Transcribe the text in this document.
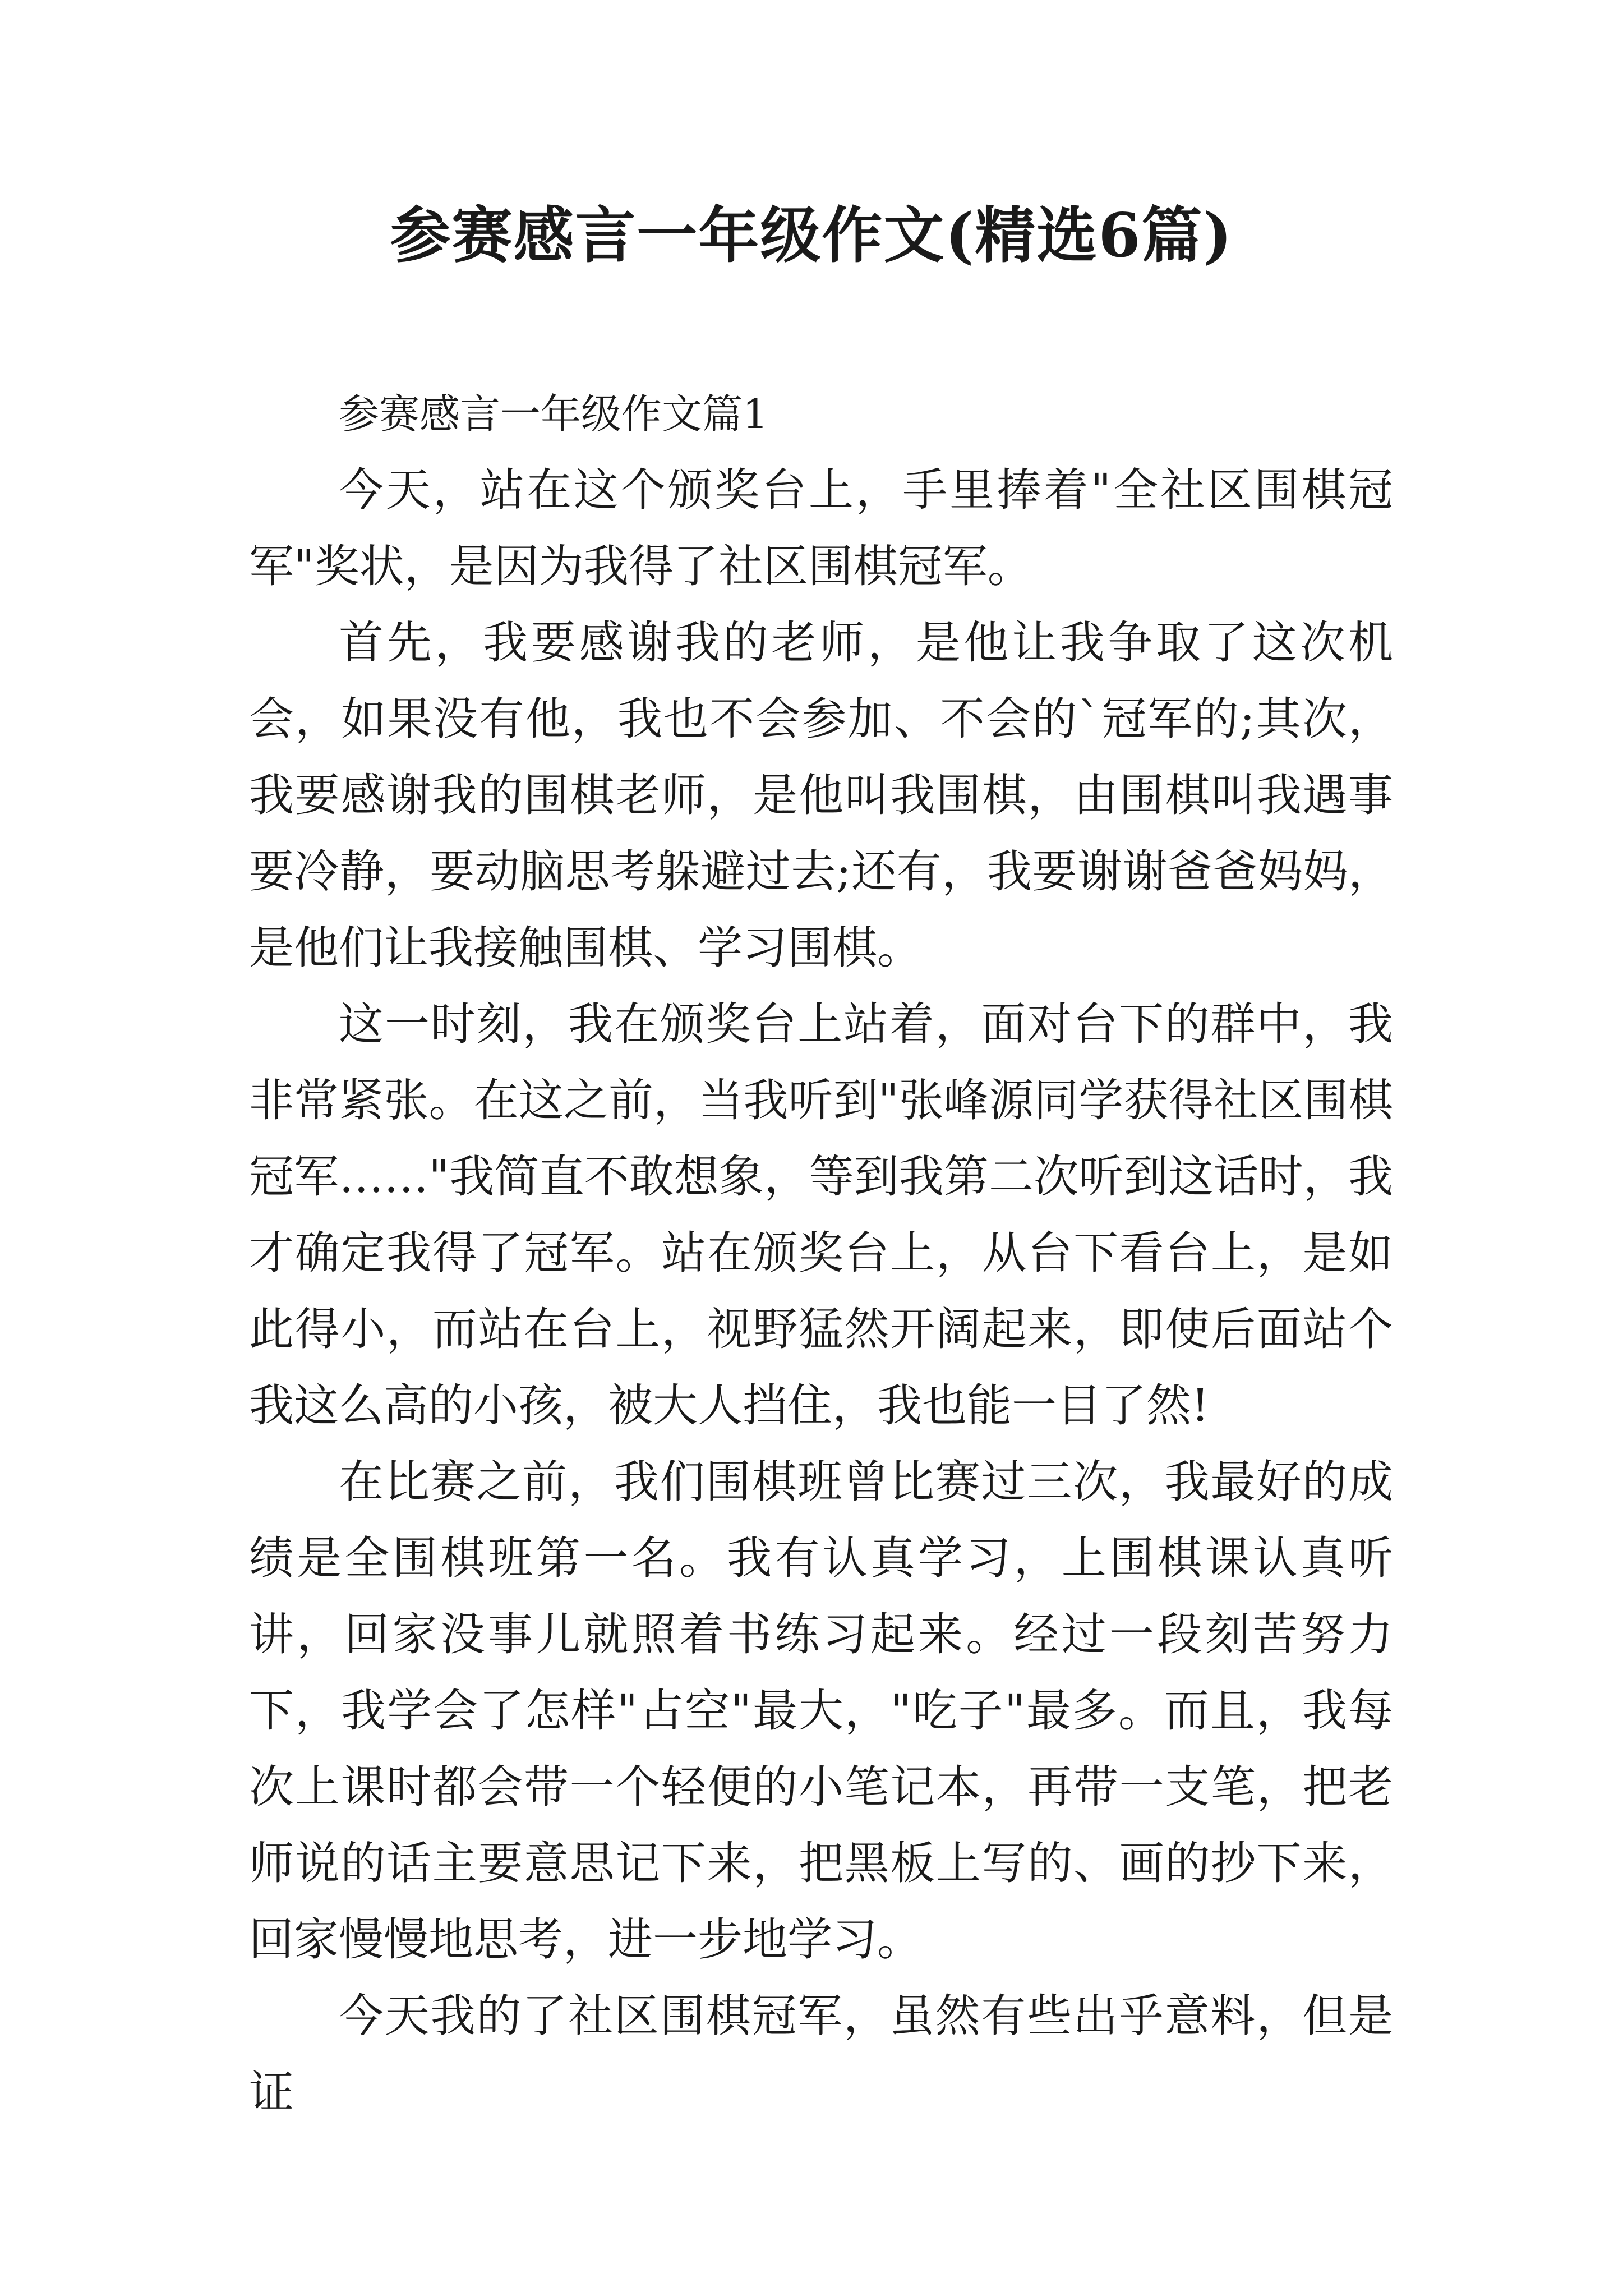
参赛感言一年级作文(精选6篇)

参赛感言一年级作文篇1

今天，站在这个颁奖台上，手里捧着"全社区围棋冠军"奖状，是因为我得了社区围棋冠军。

首先，我要感谢我的老师，是他让我争取了这次机会，如果没有他，我也不会参加、不会的`冠军的;其次，我要感谢我的围棋老师，是他叫我围棋，由围棋叫我遇事要冷静，要动脑思考躲避过去;还有，我要谢谢爸爸妈妈，是他们让我接触围棋、学习围棋。

这一时刻，我在颁奖台上站着，面对台下的群中，我非常紧张。在这之前，当我听到"张峰源同学获得社区围棋冠军……"我简直不敢想象，等到我第二次听到这话时，我才确定我得了冠军。站在颁奖台上，从台下看台上，是如此得小，而站在台上，视野猛然开阔起来，即使后面站个我这么高的小孩，被大人挡住，我也能一目了然!

在比赛之前，我们围棋班曾比赛过三次，我最好的成绩是全围棋班第一名。我有认真学习，上围棋课认真听讲，回家没事儿就照着书练习起来。经过一段刻苦努力下，我学会了怎样"占空"最大，"吃子"最多。而且，我每次上课时都会带一个轻便的小笔记本，再带一支笔，把老师说的话主要意思记下来，把黑板上写的、画的抄下来，回家慢慢地思考，进一步地学习。

今天我的了社区围棋冠军，虽然有些出乎意料，但是证
